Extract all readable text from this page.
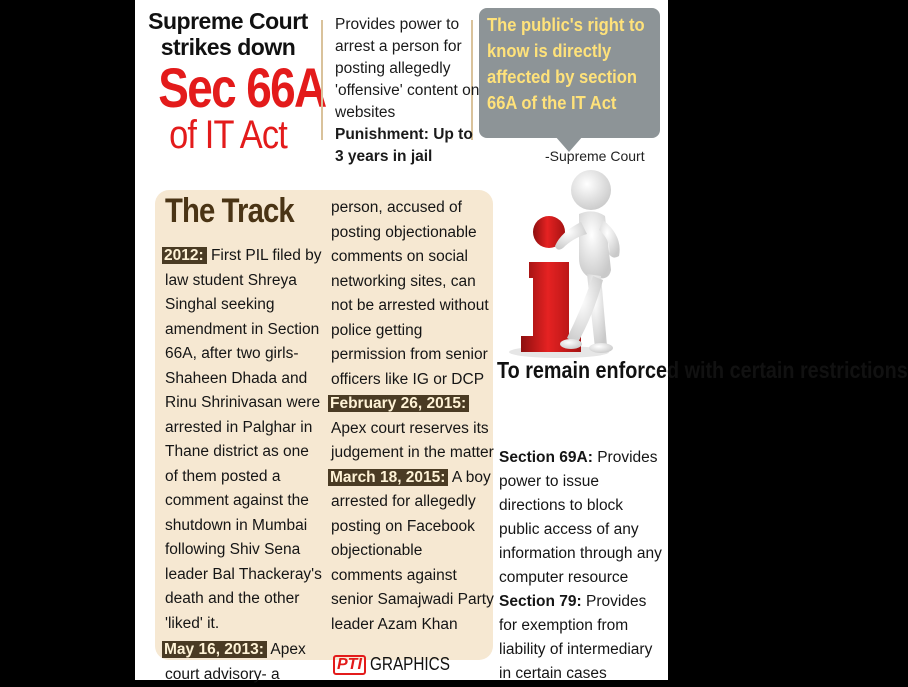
Supreme Court
strikes down
Sec 66A
of IT Act
Provides power to arrest a person for posting allegedly 'offensive' content on websites
Punishment: Up to 3 years in jail
The public's right to know is directly affected by section 66A of the IT Act
-Supreme Court
The Track
2012: First PIL filed by law student Shreya Singhal seeking amendment in Section 66A, after two girls- Shaheen Dhada and Rinu Shrinivasan were arrested in Palghar in Thane district as one of them posted a comment against the shutdown in Mumbai following Shiv Sena leader Bal Thackeray's death and the other 'liked' it.
May 16, 2013: Apex court advisory- a
person, accused of posting objectionable comments on social networking sites, can not be arrested without police getting permission from senior officers like IG or DCP
February 26, 2015: Apex court reserves its judgement in the matter
March 18, 2015: A boy arrested for allegedly posting on Facebook objectionable comments against senior Samajwadi Party leader Azam Khan
PTI GRAPHICS
To remain enforced with certain restrictions
Section 69A: Provides power to issue directions to block public access of any information through any computer resource
Section 79: Provides for exemption from liability of intermediary in certain cases
